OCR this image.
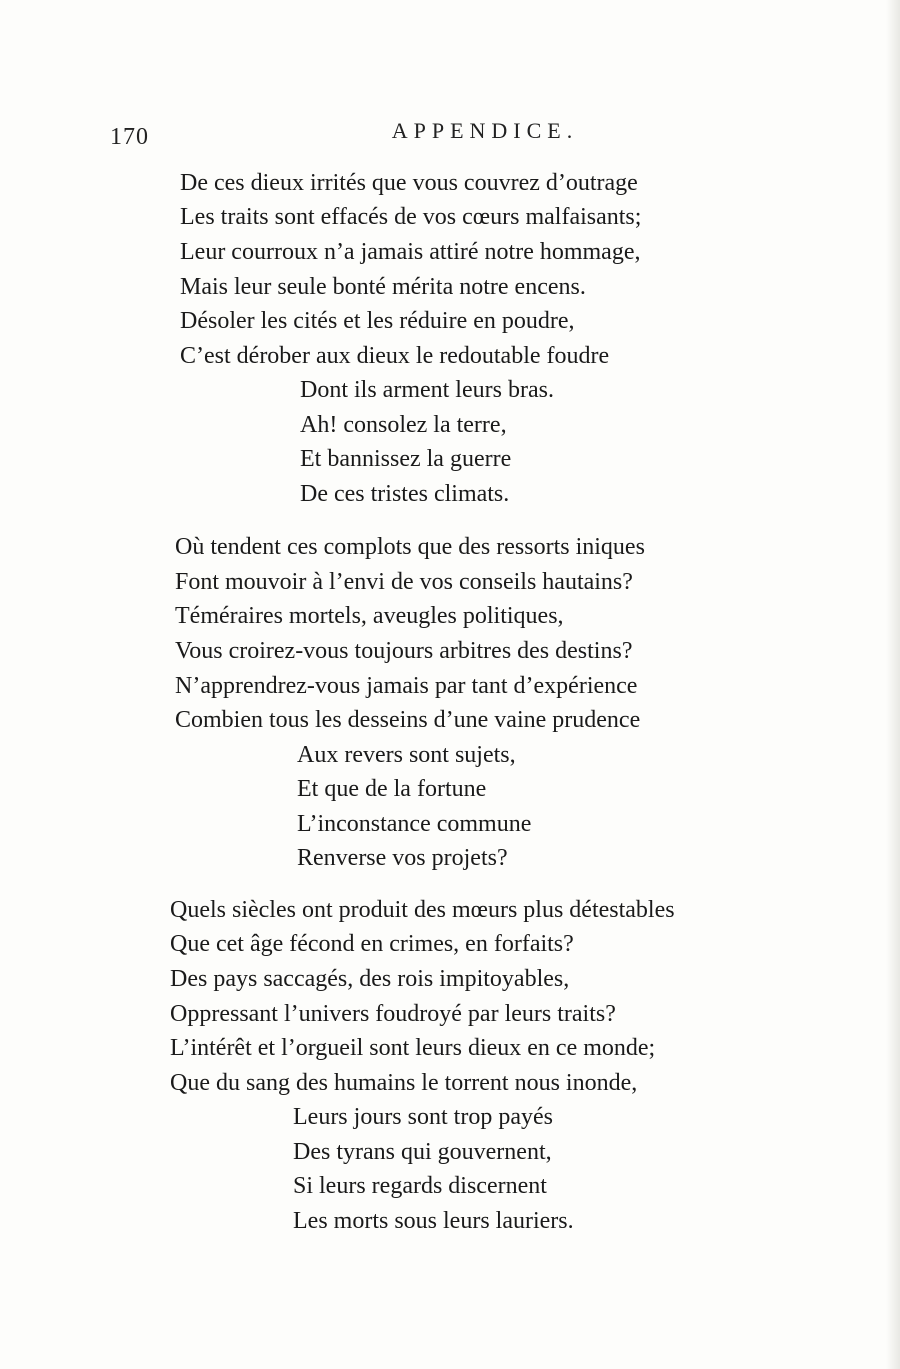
170	APPENDICE.
De ces dieux irrités que vous couvrez d’outrage
Les traits sont effacés de vos cœurs malfaisants;
Leur courroux n’a jamais attiré notre hommage,
Mais leur seule bonté mérita notre encens.
Désoler les cités et les réduire en poudre,
C’est dérober aux dieux le redoutable foudre
Dont ils arment leurs bras.
Ah! consolez la terre,
Et bannissez la guerre
De ces tristes climats.
Où tendent ces complots que des ressorts iniques
Font mouvoir à l’envi de vos conseils hautains?
Téméraires mortels, aveugles politiques,
Vous croirez-vous toujours arbitres des destins?
N’apprendrez-vous jamais par tant d’expérience
Combien tous les desseins d’une vaine prudence
Aux revers sont sujets,
Et que de la fortune
L’inconstance commune
Renverse vos projets?
Quels siècles ont produit des mœurs plus détestables
Que cet âge fécond en crimes, en forfaits?
Des pays saccagés, des rois impitoyables,
Oppressant l’univers foudroyé par leurs traits?
L’intérêt et l’orgueil sont leurs dieux en ce monde;
Que du sang des humains le torrent nous inonde,
Leurs jours sont trop payés
Des tyrans qui gouvernent,
Si leurs regards discernent
Les morts sous leurs lauriers.
